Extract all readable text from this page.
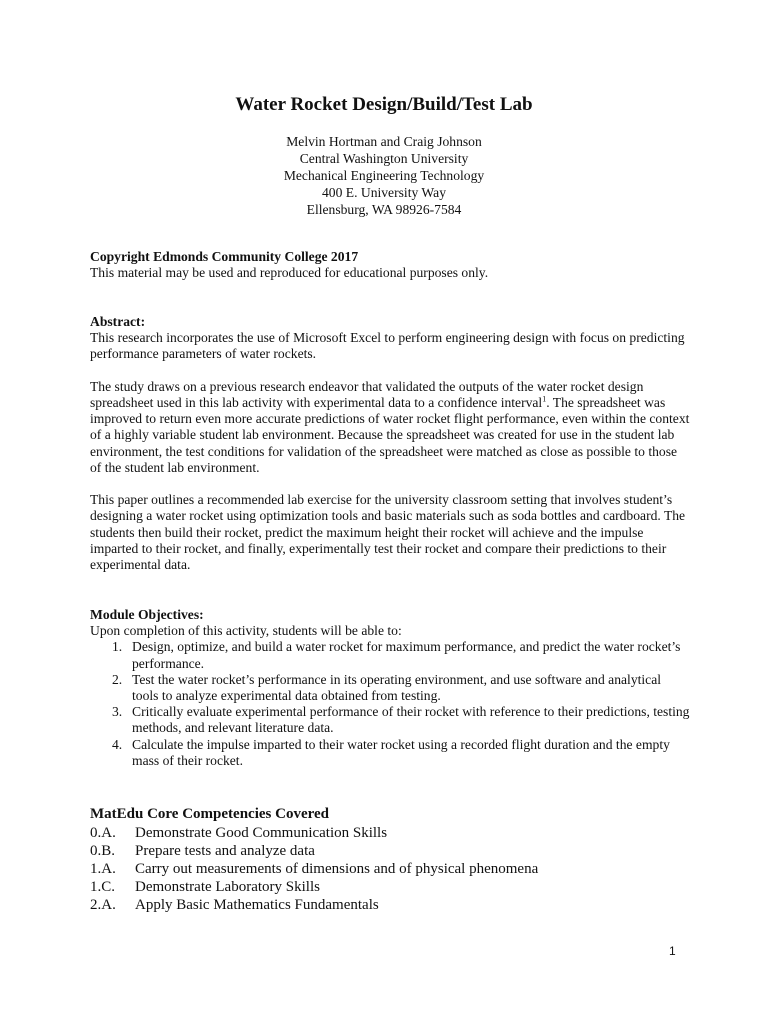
Water Rocket Design/Build/Test Lab
Melvin Hortman and Craig Johnson
Central Washington University
Mechanical Engineering Technology
400 E. University Way
Ellensburg, WA 98926-7584

Copyright Edmonds Community College 2017

This material may be used and reproduced for educational purposes only.

Abstract:

This research incorporates the use of Microsoft Excel to perform engineering design with focus on predicting performance parameters of water rockets.

The study draws on a previous research endeavor that validated the outputs of the water rocket design spreadsheet used in this lab activity with experimental data to a confidence interval$^1$. The spreadsheet was improved to return even more accurate predictions of water rocket flight performance, even within the context of a highly variable student lab environment. Because the spreadsheet was created for use in the student lab environment, the test conditions for validation of the spreadsheet were matched as close as possible to those of the student lab environment.

This paper outlines a recommended lab exercise for the university classroom setting that involves student’s designing a water rocket using optimization tools and basic materials such as soda bottles and cardboard. The students then build their rocket, predict the maximum height their rocket will achieve and the impulse imparted to their rocket, and finally, experimentally test their rocket and compare their predictions to their experimental data.

Module Objectives:

Upon completion of this activity, students will be able to:

1. Design, optimize, and build a water rocket for maximum performance, and predict the water rocket’s performance.
2. Test the water rocket’s performance in its operating environment, and use software and analytical tools to analyze experimental data obtained from testing.
3. Critically evaluate experimental performance of their rocket with reference to their predictions, testing methods, and relevant literature data.
4. Calculate the impulse imparted to their water rocket using a recorded flight duration and the empty mass of their rocket.
MatEdu Core Competencies Covered
0.A.	Demonstrate Good Communication Skills
0.B.	Prepare tests and analyze data
1.A.	Carry out measurements of dimensions and of physical phenomena
1.C.	Demonstrate Laboratory Skills
2.A.	Apply Basic Mathematics Fundamentals
1
